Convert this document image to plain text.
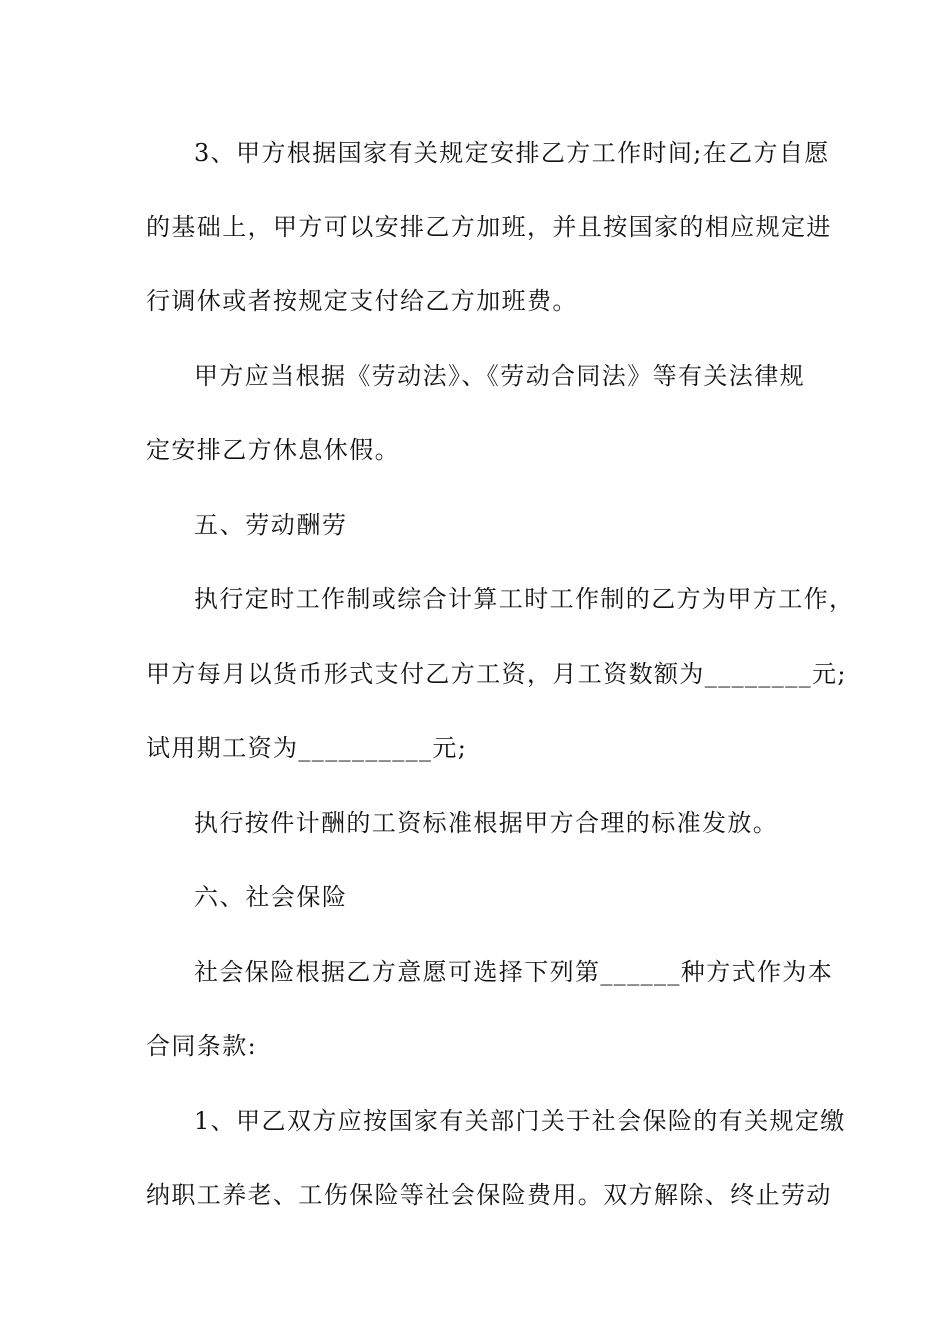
3、甲方根据国家有关规定安排乙方工作时间;在乙方自愿
的基础上，甲方可以安排乙方加班，并且按国家的相应规定进
行调休或者按规定支付给乙方加班费。
甲方应当根据《劳动法》、《劳动合同法》等有关法律规
定安排乙方休息休假。
五、劳动酬劳
执行定时工作制或综合计算工时工作制的乙方为甲方工作，
甲方每月以货币形式支付乙方工资，月工资数额为________元;
试用期工资为__________元;
执行按件计酬的工资标准根据甲方合理的标准发放。
六、社会保险
社会保险根据乙方意愿可选择下列第______种方式作为本
合同条款:
1、甲乙双方应按国家有关部门关于社会保险的有关规定缴
纳职工养老、工伤保险等社会保险费用。双方解除、终止劳动
